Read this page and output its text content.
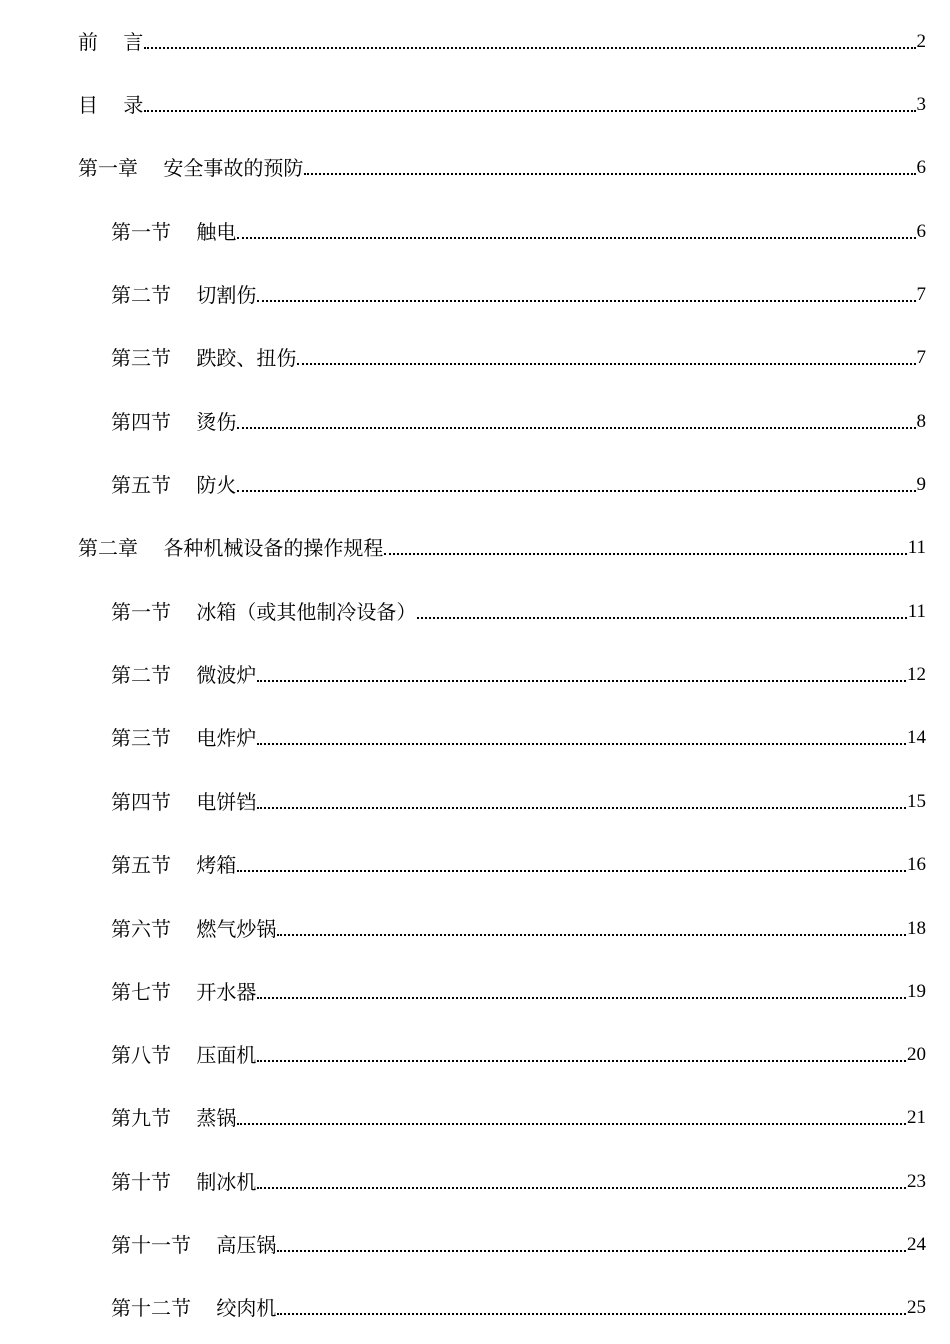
前    言	2
目    录	3
第一章    安全事故的预防	6
第一节    触电	6
第二节    切割伤	7
第三节    跌跤、扭伤	7
第四节    烫伤	8
第五节    防火	9
第二章    各种机械设备的操作规程	11
第一节    冰箱（或其他制冷设备）	11
第二节    微波炉	12
第三节    电炸炉	14
第四节    电饼铛	15
第五节    烤箱	16
第六节    燃气炒锅	18
第七节    开水器	19
第八节    压面机	20
第九节    蒸锅	21
第十节    制冰机	23
第十一节    高压锅	24
第十二节    绞肉机	25
